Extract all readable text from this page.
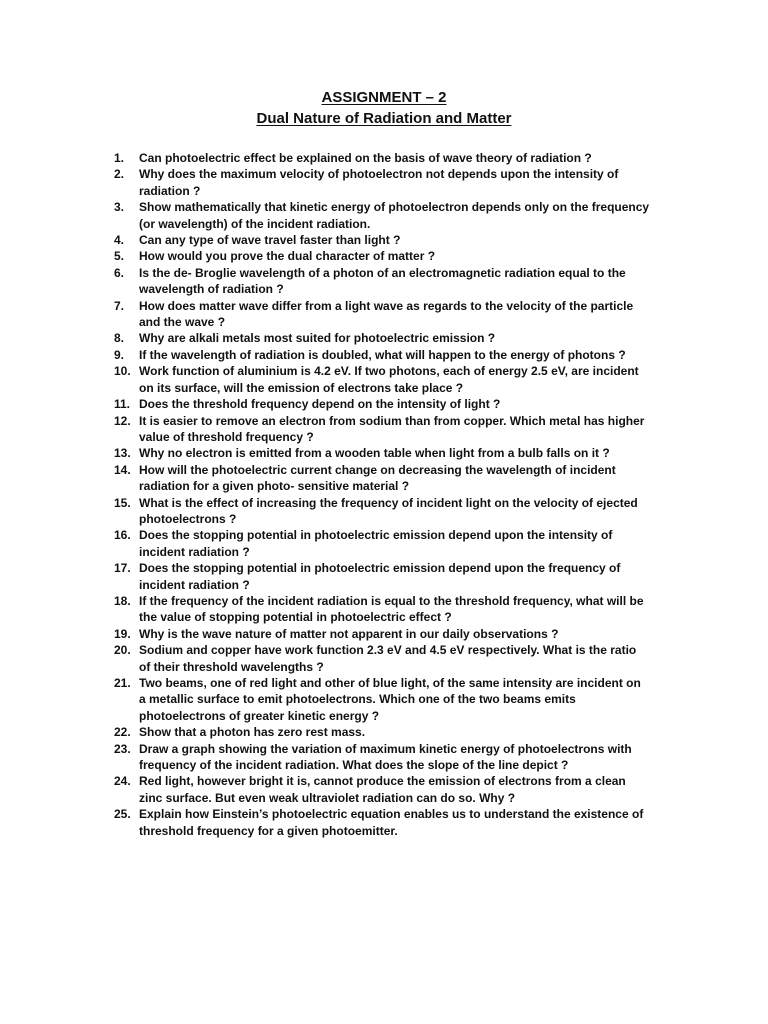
ASSIGNMENT – 2
Dual Nature of Radiation and Matter
1.	Can photoelectric effect be explained on the basis of wave theory of radiation ?
2.	Why does the maximum velocity of photoelectron not depends upon the intensity of radiation ?
3.	Show mathematically that kinetic energy of photoelectron depends only on the frequency (or wavelength) of the incident radiation.
4.	Can any type of wave travel faster than light ?
5.	How would you prove the dual character of matter ?
6.	Is the de- Broglie wavelength of a photon of an electromagnetic radiation equal to the wavelength of radiation ?
7.	How does matter wave differ from a light wave as regards to the velocity of the particle and the wave ?
8.	Why are alkali metals most suited for photoelectric emission ?
9.	If the wavelength of radiation is doubled, what will happen to the energy of photons ?
10. Work function of aluminium is 4.2 eV. If two photons, each of energy 2.5 eV, are incident on its surface, will the emission of electrons take place ?
11. Does the threshold frequency depend on the intensity of light ?
12. It is easier to remove an electron from sodium than from copper. Which metal has higher value of threshold frequency ?
13. Why no electron is emitted from a wooden table when light from a bulb falls on it ?
14. How will the photoelectric current change on decreasing the wavelength of incident radiation for a given photo- sensitive material ?
15. What is the effect of increasing the frequency of incident light on the velocity of ejected photoelectrons ?
16. Does the stopping potential in photoelectric emission depend upon the intensity of incident radiation ?
17. Does the stopping potential in photoelectric emission depend upon the frequency of incident radiation ?
18. If the frequency of the incident radiation is equal to the threshold frequency, what will be the value of stopping potential in photoelectric effect ?
19. Why is the wave nature of matter not apparent in our daily observations ?
20. Sodium and copper have work function 2.3 eV and 4.5 eV respectively. What is the ratio of their threshold wavelengths ?
21. Two beams, one of red light and other of blue light, of the same intensity are incident on a metallic surface to emit photoelectrons. Which one of the two beams emits photoelectrons of greater kinetic energy ?
22. Show that a photon has zero rest mass.
23. Draw a graph showing the variation of maximum kinetic energy of photoelectrons with frequency of the incident radiation. What does the slope of the line depict ?
24. Red light, however bright it is, cannot produce the emission of electrons from a clean zinc surface. But even weak ultraviolet radiation can do so. Why ?
25. Explain how Einstein’s photoelectric equation enables us to understand the existence of threshold frequency for a given photoemitter.
